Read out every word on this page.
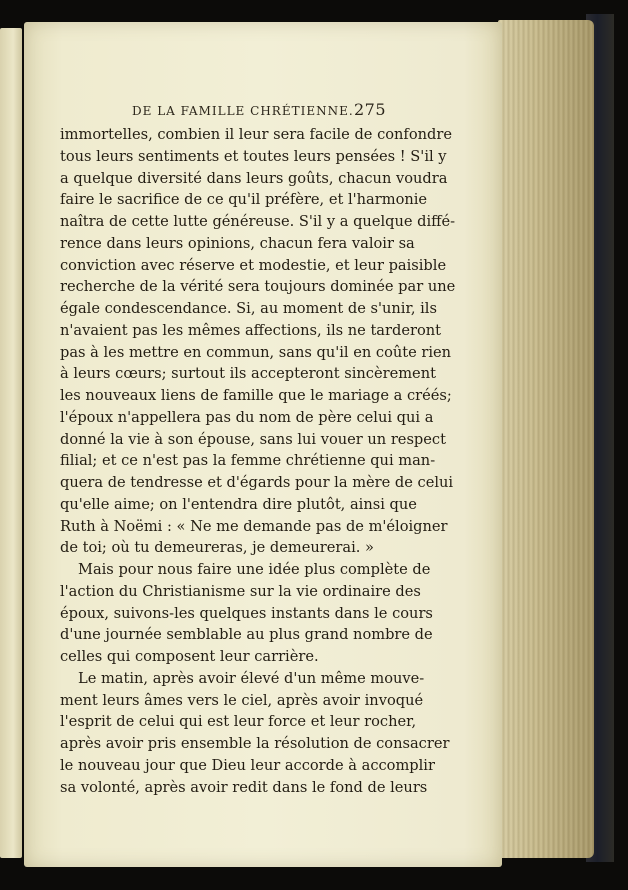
DE LA FAMILLE CHRÉTIENNE. 275
immortelles, combien il leur sera facile de confondre
tous leurs sentiments et toutes leurs pensées ! S'il y
a quelque diversité dans leurs goûts, chacun voudra
faire le sacrifice de ce qu'il préfère, et l'harmonie
naîtra de cette lutte généreuse. S'il y a quelque diffé-
rence dans leurs opinions, chacun fera valoir sa
conviction avec réserve et modestie, et leur paisible
recherche de la vérité sera toujours dominée par une
égale condescendance. Si, au moment de s'unir, ils
n'avaient pas les mêmes affections, ils ne tarderont
pas à les mettre en commun, sans qu'il en coûte rien
à leurs cœurs; surtout ils accepteront sincèrement
les nouveaux liens de famille que le mariage a créés;
l'époux n'appellera pas du nom de père celui qui a
donné la vie à son épouse, sans lui vouer un respect
filial; et ce n'est pas la femme chrétienne qui man-
quera de tendresse et d'égards pour la mère de celui
qu'elle aime; on l'entendra dire plutôt, ainsi que
Ruth à Noëmi : « Ne me demande pas de m'éloigner
de toi; où tu demeureras, je demeurerai. »
Mais pour nous faire une idée plus complète de
l'action du Christianisme sur la vie ordinaire des
époux, suivons-les quelques instants dans le cours
d'une journée semblable au plus grand nombre de
celles qui composent leur carrière.
Le matin, après avoir élevé d'un même mouve-
ment leurs âmes vers le ciel, après avoir invoqué
l'esprit de celui qui est leur force et leur rocher,
après avoir pris ensemble la résolution de consacrer
le nouveau jour que Dieu leur accorde à accomplir
sa volonté, après avoir redit dans le fond de leurs
